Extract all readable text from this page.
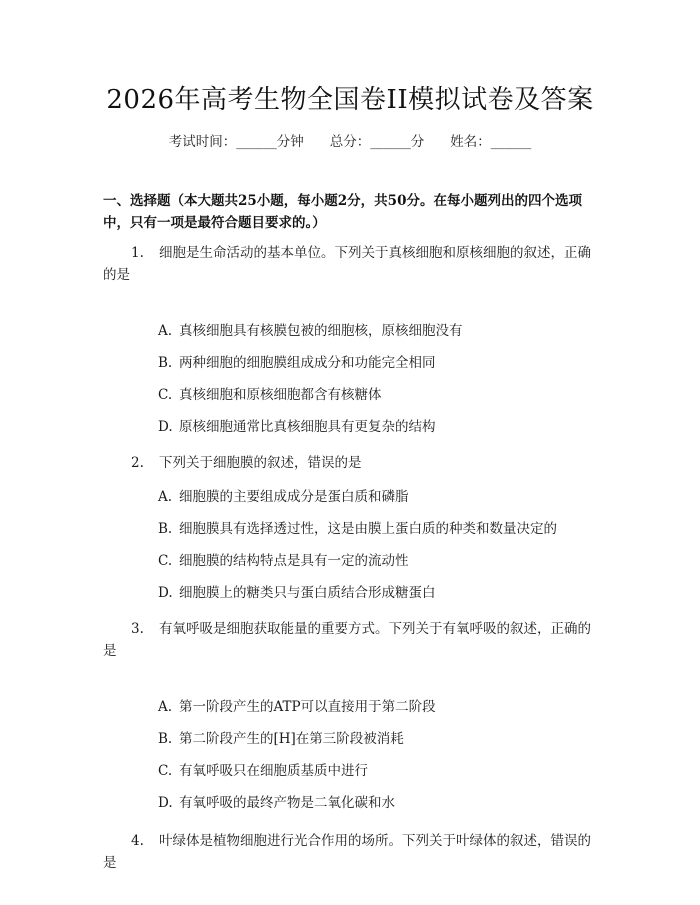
2026年高考生物全国卷II模拟试卷及答案
考试时间：______分钟 总分：______分 姓名：______
一、选择题（本大题共25小题，每小题2分，共50分。在每小题列出的四个选项中，只有一项是最符合题目要求的。）
1. 细胞是生命活动的基本单位。下列关于真核细胞和原核细胞的叙述，正确的是
A. 真核细胞具有核膜包被的细胞核，原核细胞没有
B. 两种细胞的细胞膜组成成分和功能完全相同
C. 真核细胞和原核细胞都含有核糖体
D. 原核细胞通常比真核细胞具有更复杂的结构
2. 下列关于细胞膜的叙述，错误的是
A. 细胞膜的主要组成成分是蛋白质和磷脂
B. 细胞膜具有选择透过性，这是由膜上蛋白质的种类和数量决定的
C. 细胞膜的结构特点是具有一定的流动性
D. 细胞膜上的糖类只与蛋白质结合形成糖蛋白
3. 有氧呼吸是细胞获取能量的重要方式。下列关于有氧呼吸的叙述，正确的是
A. 第一阶段产生的ATP可以直接用于第二阶段
B. 第二阶段产生的[H]在第三阶段被消耗
C. 有氧呼吸只在细胞质基质中进行
D. 有氧呼吸的最终产物是二氧化碳和水
4. 叶绿体是植物细胞进行光合作用的场所。下列关于叶绿体的叙述，错误的是
